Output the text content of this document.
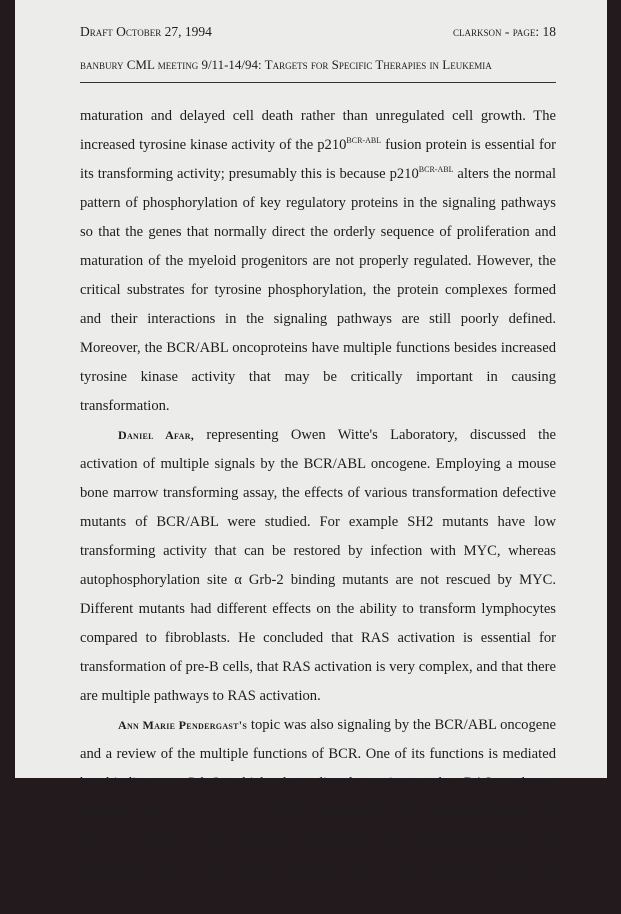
Draft October 27, 1994	clarkson - page: 18
banbury CML meeting 9/11-14/94: Targets for Specific Therapies in Leukemia

maturation and delayed cell death rather than unregulated cell growth. The increased tyrosine kinase activity of the $p210^{BCR-ABL}$ fusion protein is essential for its transforming activity; presumably this is because $p210^{BCR-ABL}$ alters the normal pattern of phosphorylation of key regulatory proteins in the signaling pathways so that the genes that normally direct the orderly sequence of proliferation and maturation of the myeloid progenitors are not properly regulated. However, the critical substrates for tyrosine phosphorylation, the protein complexes formed and their interactions in the signaling pathways are still poorly defined. Moreover, the BCR/ABL oncoproteins have multiple functions besides increased tyrosine kinase activity that may be critically important in causing transformation.

Daniel Afar, representing Owen Witte's Laboratory, discussed the activation of multiple signals by the BCR/ABL oncogene. Employing a mouse bone marrow transforming assay, the effects of various transformation defective mutants of BCR/ABL were studied. For example SH2 mutants have low transforming activity that can be restored by infection with MYC, whereas autophosphorylation site α Grb-2 binding mutants are not rescued by MYC. Different mutants had different effects on the ability to transform lymphocytes compared to fibroblasts. He concluded that RAS activation is essential for transformation of pre-B cells, that RAS activation is very complex, and that there are multiple pathways to RAS activation.

Ann Marie Pendergast's topic was also signaling by the BCR/ABL oncogene and a review of the multiple functions of BCR. One of its functions is mediated by binding to Grb-2 which then directly activates the RAS pathway. Phosphorylation of Tyr 177 in BCR is essential for Grb-2 binding. Mutation of Tyr 177 prevents Grb-2 binding and decreases the transforming ability of BCR/ABL. Grb-2 is an adapter molecule with two SH3 domains flanking an SH2
